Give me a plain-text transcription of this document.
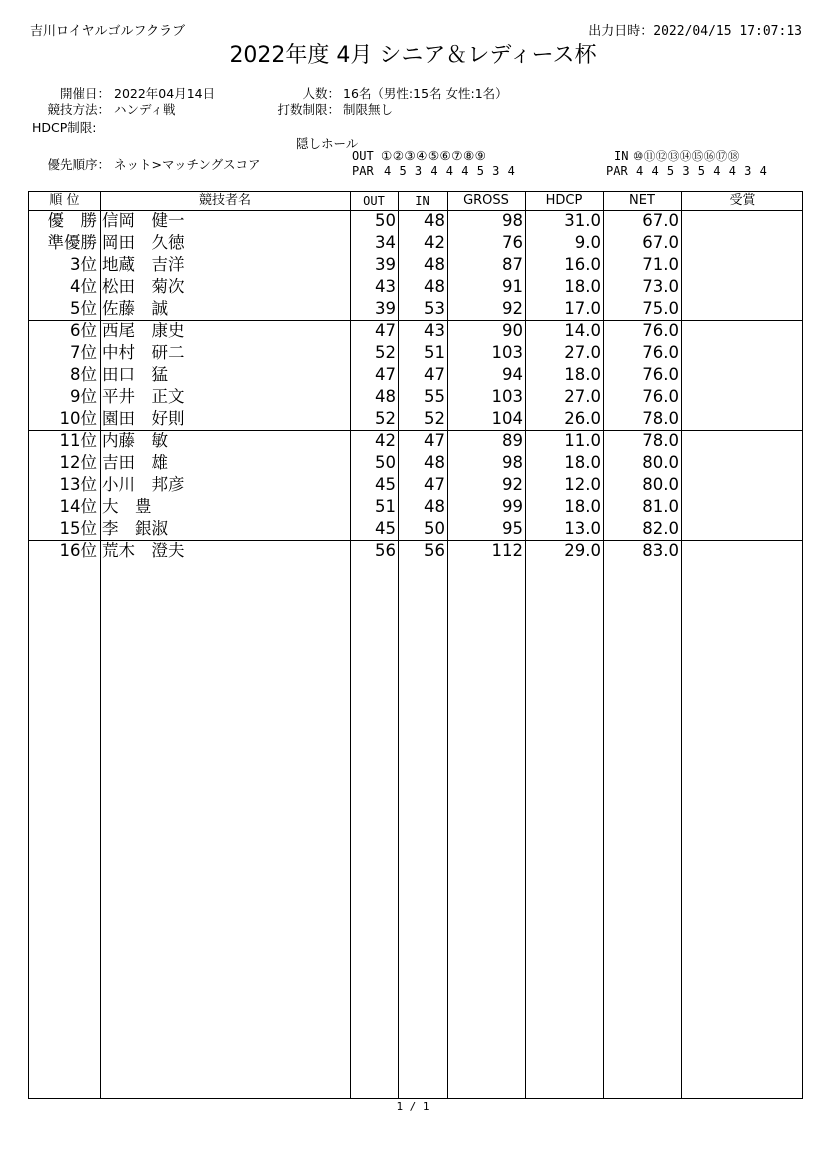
吉川ロイヤルゴルフクラブ	出力日時：2022/04/15 17:07:13
2022年度 4月 シニア＆レディース杯
開催日： 2022年04月14日	人数： 16名（男性:15名 女性:1名）
競技方法： ハンディ戦	打数制限： 制限無し
HDCP制限:
隠しホール
優先順序： ネット>マッチングスコア
OUT ①②③④⑤⑥⑦⑧⑨
PAR 4 5 3 4 4 4 5 3 4
IN ⑩⑪⑫⑬⑭⑮⑯⑰⑱
PAR 4 4 5 3 5 4 4 3 4
順 位	競技者名	OUT	IN	GROSS	HDCP	NET	受賞
優　勝 信岡　健一	50	48	98	31.0	67.0
準優勝 岡田　久徳	34	42	76	9.0	67.0
3位 地蔵　吉洋	39	48	87	16.0	71.0
4位 松田　菊次	43	48	91	18.0	73.0
5位 佐藤　誠	39	53	92	17.0	75.0
6位 西尾　康史	47	43	90	14.0	76.0
7位 中村　研二	52	51	103	27.0	76.0
8位 田口　猛	47	47	94	18.0	76.0
9位 平井　正文	48	55	103	27.0	76.0
10位 園田　好則	52	52	104	26.0	78.0
11位 内藤　敏	42	47	89	11.0	78.0
12位 吉田　雄	50	48	98	18.0	80.0
13位 小川　邦彦	45	47	92	12.0	80.0
14位 大　豊	51	48	99	18.0	81.0
15位 李　銀淑	45	50	95	13.0	82.0
16位 荒木　澄夫	56	56	112	29.0	83.0
1 / 1
